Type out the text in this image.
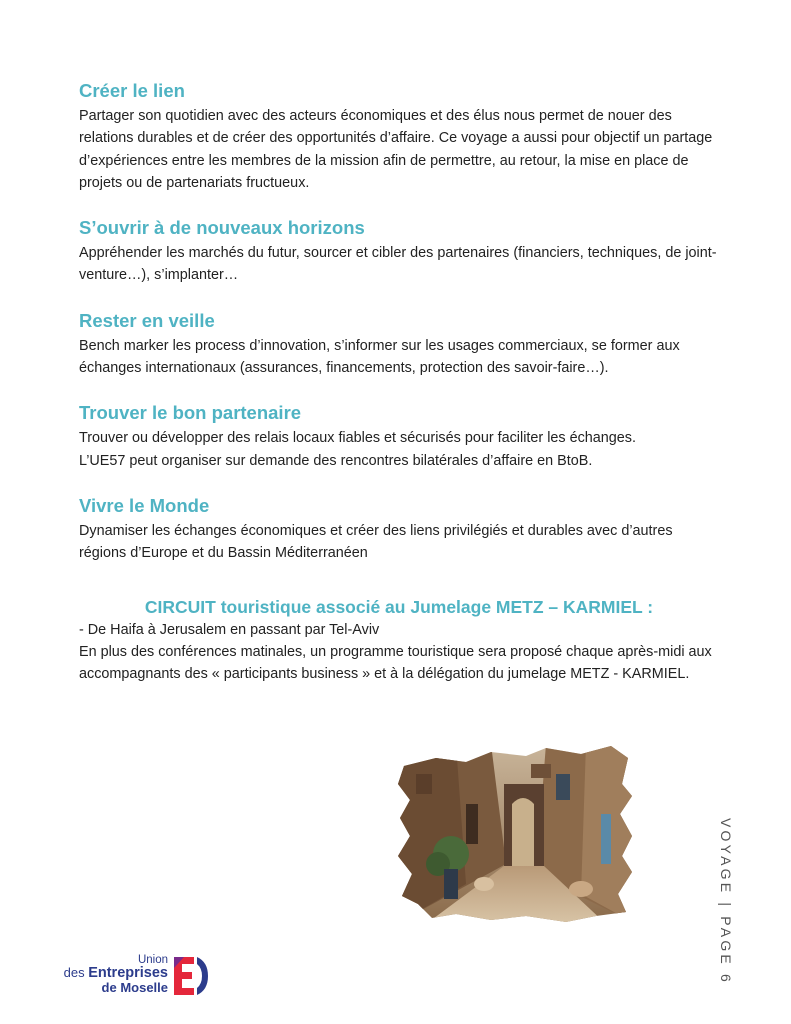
Créer le lien

Partager son quotidien avec des acteurs économiques et des élus nous permet de nouer des relations durables et de créer des opportunités d’affaire. Ce voyage a aussi pour objectif un partage d’expériences entre les membres de la mission afin de permettre, au retour, la mise en place de projets ou de partenariats fructueux.

S’ouvrir à de nouveaux horizons

Appréhender les marchés du futur, sourcer et cibler des partenaires (financiers, techniques, de joint-venture…), s’implanter…

Rester en veille

Bench marker les process d’innovation, s’informer sur les usages commerciaux, se former aux échanges internationaux (assurances, financements, protection des savoir-faire…).

Trouver le bon partenaire

Trouver ou développer des relais locaux fiables et sécurisés pour faciliter les échanges.

L’UE57 peut organiser sur demande des rencontres bilatérales d’affaire en BtoB.

Vivre le Monde

Dynamiser les échanges économiques et créer des liens privilégiés et durables avec d’autres régions d’Europe et du Bassin Méditerranéen

CIRCUIT touristique associé au Jumelage METZ – KARMIEL :

- De Haifa à Jerusalem en passant par Tel-Aviv

En plus des conférences matinales, un programme touristique sera proposé chaque après-midi aux accompagnants des « participants business » et à la délégation du jumelage METZ - KARMIEL.

VOYAGE | PAGE 6
Union
des Entreprises
de Moselle
